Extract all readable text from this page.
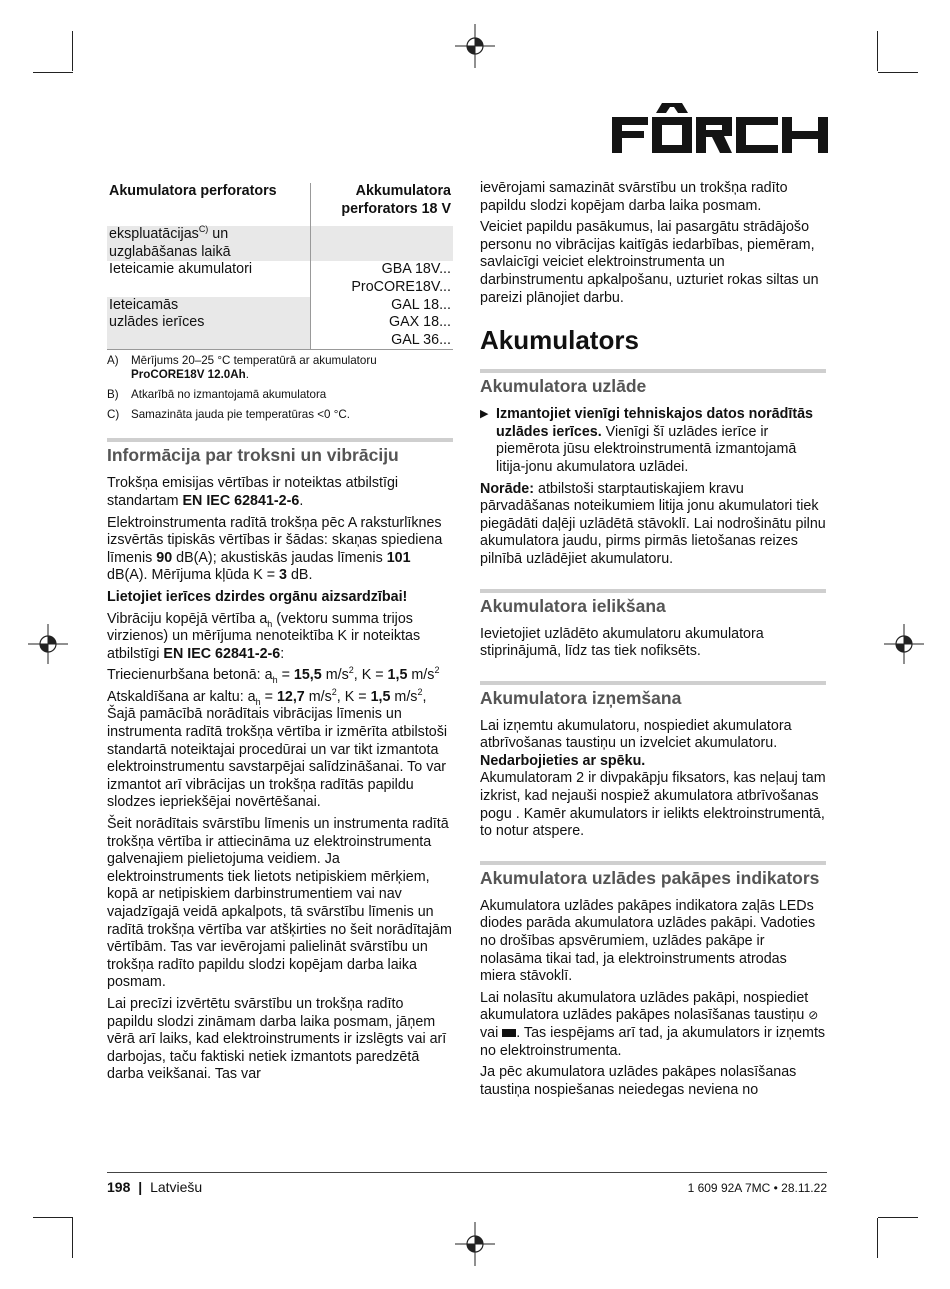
Akumulatora perforators	Akkumulatora perforators 18 V
ekspluatācijas$^{C)}$ un uzglabāšanas laikā	
Ieteicamie akumulatori	GBA 18V... ProCORE18V...
Ieteicamās uzlādes ierīces	GAL 18... GAX 18... GAL 36...
A)	Mērījums 20–25 °C temperatūrā ar akumulatoru ProCORE18V 12.0Ah.
B)	Atkarībā no izmantojamā akumulatora
C)	Samazināta jauda pie temperatūras <0 °C.
Informācija par troksni un vibrāciju

Trokšņa emisijas vērtības ir noteiktas atbilstīgi standartam EN IEC 62841-2-6.

Elektroinstrumenta radītā trokšņa pēc A raksturlīknes izsvērtās tipiskās vērtības ir šādas: skaņas spiediena līmenis 90 dB(A); akustiskās jaudas līmenis 101 dB(A). Mērījuma kļūda K = 3 dB.

Lietojiet ierīces dzirdes orgānu aizsardzībai!

Vibrāciju kopējā vērtība $a_h$ (vektoru summa trijos virzienos) un mērījuma nenoteiktība K ir noteiktas atbilstīgi EN IEC 62841-2-6:

Triecienurbšana betonā: $a_h = 15,5$ $m/s^2$, K = 1,5 $m/s^2$

Atskaldīšana ar kaltu: $a_h = 12,7$ $m/s^2$, K = 1,5 $m/s^2$,

Šajā pamācībā norādītais vibrācijas līmenis un instrumenta radītā trokšņa vērtība ir izmērīta atbilstoši standartā noteiktajai procedūrai un var tikt izmantota elektroinstrumentu savstarpējai salīdzināšanai. To var izmantot arī vibrācijas un trokšņa radītās papildu slodzes iepriekšējai novērtēšanai.

Šeit norādītais svārstību līmenis un instrumenta radītā trokšņa vērtība ir attiecināma uz elektroinstrumenta galvenajiem pielietojuma veidiem. Ja elektroinstruments tiek lietots netipiskiem mērķiem, kopā ar netipiskiem darbinstrumentiem vai nav vajadzīgajā veidā apkalpots, tā svārstību līmenis un radītā trokšņa vērtība var atšķirties no šeit norādītajām vērtībām. Tas var ievērojami palielināt svārstību un trokšņa radīto papildu slodzi kopējam darba laika posmam.

Lai precīzi izvērtētu svārstību un trokšņa radīto papildu slodzi zināmam darba laika posmam, jāņem vērā arī laiks, kad elektroinstruments ir izslēgts vai arī darbojas, taču faktiski netiek izmantots paredzētā darba veikšanai. Tas var

ievērojami samazināt svārstību un trokšņa radīto papildu slodzi kopējam darba laika posmam.

Veiciet papildu pasākumus, lai pasargātu strādājošo personu no vibrācijas kaitīgās iedarbības, piemēram, savlaicīgi veiciet elektroinstrumenta un darbinstrumentu apkalpošanu, uzturiet rokas siltas un pareizi plānojiet darbu.

Akumulators
Akumulatora uzlāde

▶ Izmantojiet vienīgi tehniskajos datos norādītās uzlādes ierīces. Vienīgi šī uzlādes ierīce ir piemērota jūsu elektroinstrumentā izmantojamā litija-jonu akumulatora uzlādei.

Norāde: atbilstoši starptautiskajiem kravu pārvadāšanas noteikumiem litija jonu akumulatori tiek piegādāti daļēji uzlādētā stāvoklī. Lai nodrošinātu pilnu akumulatora jaudu, pirms pirmās lietošanas reizes pilnībā uzlādējiet akumulatoru.

Akumulatora ielikšana

Ievietojiet uzlādēto akumulatoru akumulatora stiprinājumā, līdz tas tiek nofiksēts.

Akumulatora izņemšana

Lai izņemtu akumulatoru, nospiediet akumulatora atbrīvošanas taustiņu un izvelciet akumulatoru.
Nedarbojieties ar spēku.

Akumulatoram 2 ir divpakāpju fiksators, kas neļauj tam izkrist, kad nejauši nospiež akumulatora atbrīvošanas pogu . Kamēr akumulators ir ielikts elektroinstrumentā, to notur atspere.

Akumulatora uzlādes pakāpes indikators

Akumulatora uzlādes pakāpes indikatora zaļās LEDs diodes parāda akumulatora uzlādes pakāpi. Vadoties no drošības apsvērumiem, uzlādes pakāpe ir nolasāma tikai tad, ja elektroinstruments atrodas miera stāvoklī.

Lai nolasītu akumulatora uzlādes pakāpi, nospiediet akumulatora uzlādes pakāpes nolasīšanas taustiņu ⊘ vai . Tas iespējams arī tad, ja akumulators ir izņemts no elektroinstrumenta.

Ja pēc akumulatora uzlādes pakāpes nolasīšanas taustiņa nospiešanas neiedegas neviena no

198 | Latviešu	1 609 92A 7MC • 28.11.22
